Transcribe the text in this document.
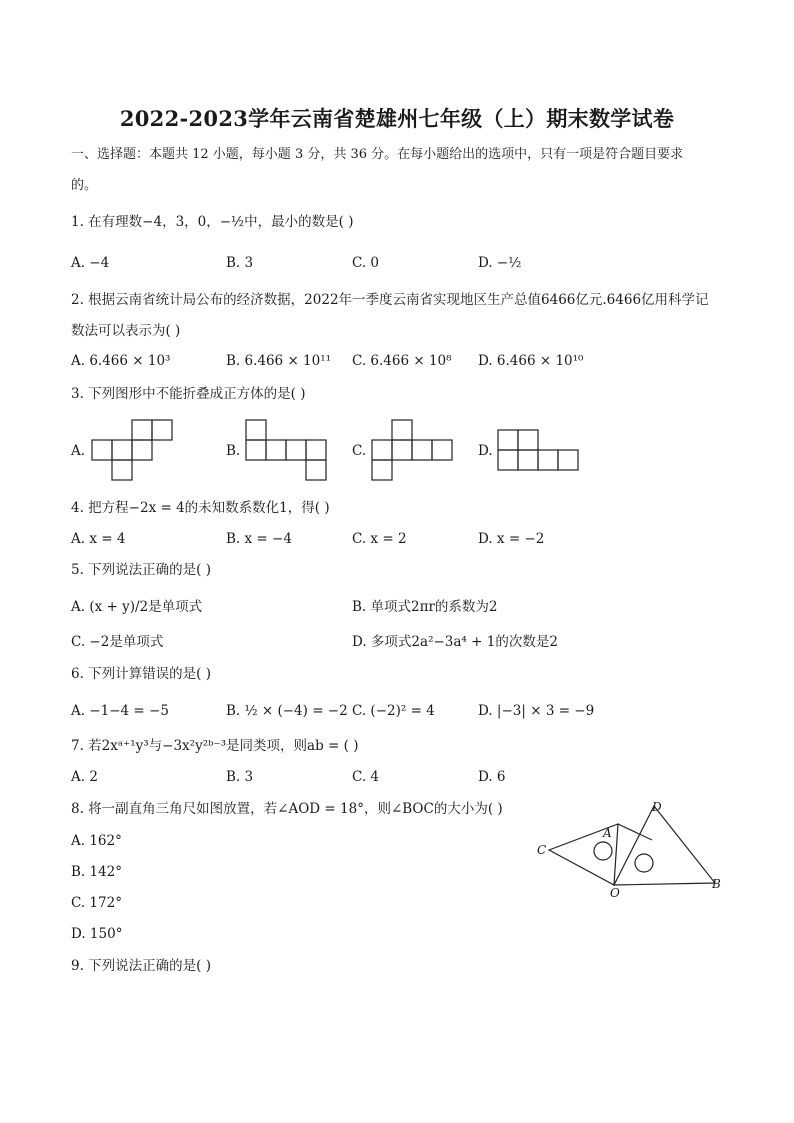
2022-2023学年云南省楚雄州七年级（上）期末数学试卷
一、选择题：本题共 12 小题，每小题 3 分，共 36 分。在每小题给出的选项中，只有一项是符合题目要求
的。
1. 在有理数−4，3，0，−½中，最小的数是( )
A. −4	B. 3	C. 0	D. −½
2. 根据云南省统计局公布的经济数据，2022年一季度云南省实现地区生产总值6466亿元.6466亿用科学记
数法可以表示为( )
A. 6.466 × 10³	B. 6.466 × 10¹¹ C. 6.466 × 10⁸ D. 6.466 × 10¹⁰
3. 下列图形中不能折叠成正方体的是( )
A.	B.	C.	D.
4. 把方程−2x = 4的未知数系数化1，得( )
A. x = 4	B. x = −4	C. x = 2	D. x = −2
5. 下列说法正确的是( )
A. (x + y)/2是单项式	B. 单项式2πr的系数为2
C. −2是单项式	D. 多项式2a²−3a⁴ + 1的次数是2
6. 下列计算错误的是( )
A. −1−4 = −5	B. ½ × (−4) = −2 C. (−2)² = 4	D. |−3| × 3 = −9
7. 若2xᵃ⁺¹y³与−3x²y²ᵇ⁻³是同类项，则ab = ( )
A. 2	B. 3	C. 4	D. 6
8. 将一副直角三角尺如图放置，若∠AOD = 18°，则∠BOC的大小为( )
A. 162°
B. 142°
C. 172°
D. 150°
C
A
D
O
B
9. 下列说法正确的是( )
